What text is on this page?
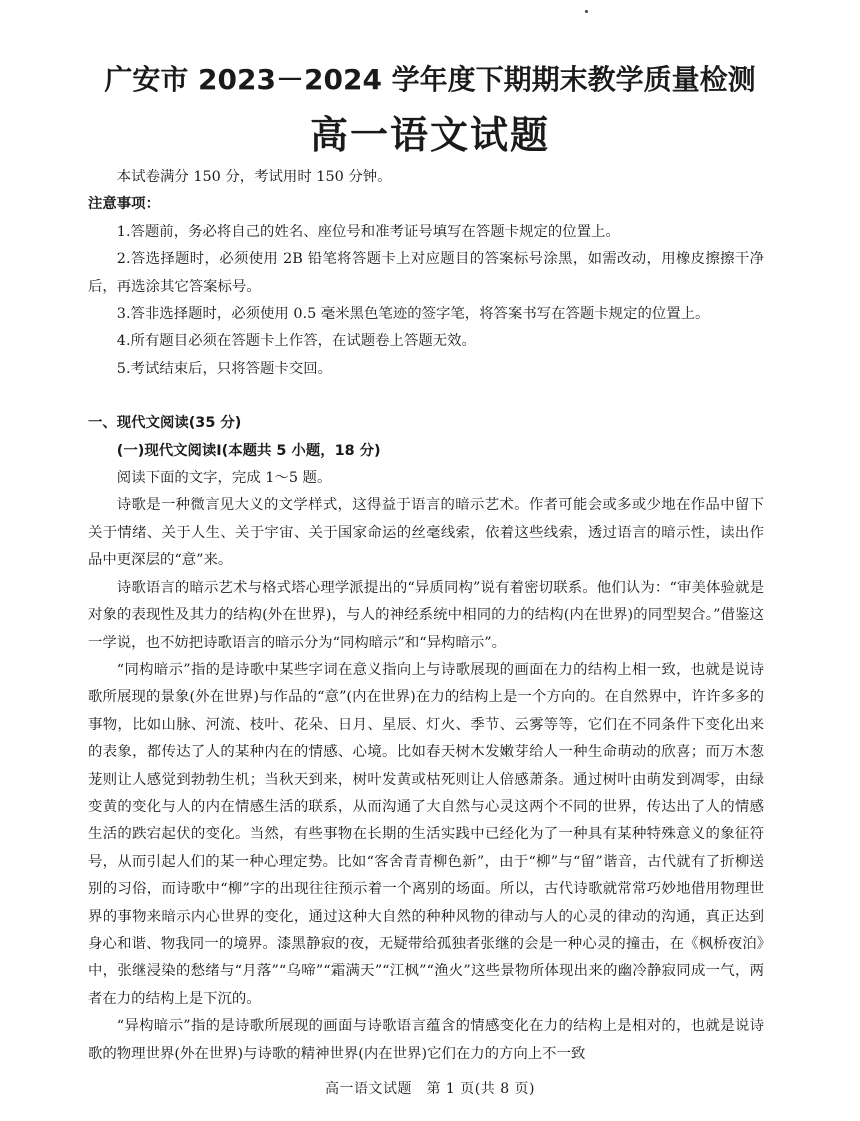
广安市 2023－2024 学年度下期期末教学质量检测
高一语文试题

本试卷满分 150 分，考试用时 150 分钟。

注意事项：

1.答题前，务必将自己的姓名、座位号和准考证号填写在答题卡规定的位置上。

2.答选择题时，必须使用 2B 铅笔将答题卡上对应题目的答案标号涂黑，如需改动，用橡皮擦擦干净后，再选涂其它答案标号。

3.答非选择题时，必须使用 0.5 毫米黑色笔迹的签字笔，将答案书写在答题卡规定的位置上。

4.所有题目必须在答题卡上作答，在试题卷上答题无效。

5.考试结束后，只将答题卡交回。

一、现代文阅读(35 分)

(一)现代文阅读Ⅰ(本题共 5 小题，18 分)

阅读下面的文字，完成 1～5 题。

诗歌是一种微言见大义的文学样式，这得益于语言的暗示艺术。作者可能会或多或少地在作品中留下关于情绪、关于人生、关于宇宙、关于国家命运的丝毫线索，依着这些线索，透过语言的暗示性，读出作品中更深层的“意”来。

诗歌语言的暗示艺术与格式塔心理学派提出的“异质同构”说有着密切联系。他们认为：“审美体验就是对象的表现性及其力的结构(外在世界)，与人的神经系统中相同的力的结构(内在世界)的同型契合。”借鉴这一学说，也不妨把诗歌语言的暗示分为“同构暗示”和“异构暗示”。

“同构暗示”指的是诗歌中某些字词在意义指向上与诗歌展现的画面在力的结构上相一致，也就是说诗歌所展现的景象(外在世界)与作品的“意”(内在世界)在力的结构上是一个方向的。在自然界中，许许多多的事物，比如山脉、河流、枝叶、花朵、日月、星辰、灯火、季节、云雾等等，它们在不同条件下变化出来的表象，都传达了人的某种内在的情感、心境。比如春天树木发嫩芽给人一种生命萌动的欣喜；而万木葱茏则让人感觉到勃勃生机；当秋天到来，树叶发黄或枯死则让人倍感萧条。通过树叶由萌发到凋零，由绿变黄的变化与人的内在情感生活的联系，从而沟通了大自然与心灵这两个不同的世界，传达出了人的情感生活的跌宕起伏的变化。当然，有些事物在长期的生活实践中已经化为了一种具有某种特殊意义的象征符号，从而引起人们的某一种心理定势。比如“客舍青青柳色新”，由于“柳”与“留”谐音，古代就有了折柳送别的习俗，而诗歌中“柳”字的出现往往预示着一个离别的场面。所以，古代诗歌就常常巧妙地借用物理世界的事物来暗示内心世界的变化，通过这种大自然的种种风物的律动与人的心灵的律动的沟通，真正达到身心和谐、物我同一的境界。漆黑静寂的夜，无疑带给孤独者张继的会是一种心灵的撞击，在《枫桥夜泊》中，张继浸染的愁绪与“月落”“乌啼”“霜满天”“江枫”“渔火”这些景物所体现出来的幽冷静寂同成一气，两者在力的结构上是下沉的。

“异构暗示”指的是诗歌所展现的画面与诗歌语言蕴含的情感变化在力的结构上是相对的，也就是说诗歌的物理世界(外在世界)与诗歌的精神世界(内在世界)它们在力的方向上不一致

高一语文试题　第 1 页(共 8 页)
